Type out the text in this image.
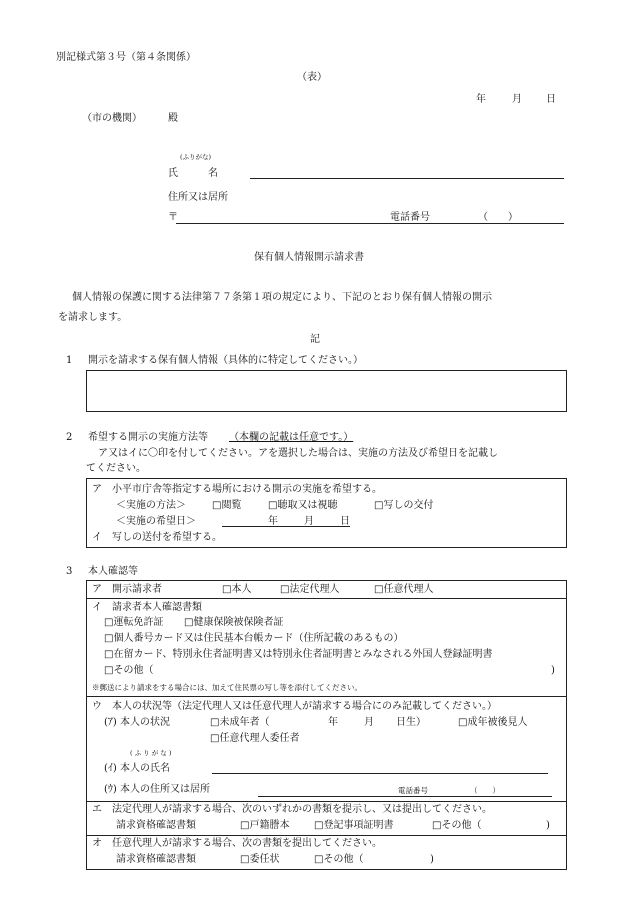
別記様式第３号（第４条関係）
（表）
年	月 日
（市の機関）	殿
(ふりがな)
氏　　　名
住所又は居所
〒	電話番号	（　　）
保有個人情報開示請求書
個人情報の保護に関する法律第７７条第１項の規定により、下記のとおり保有個人情報の開示
を請求します。
記
1 開示を請求する保有個人情報（具体的に特定してください。）
2 希望する開示の実施方法等 （本欄の記載は任意です。）
ア又はイに〇印を付してください。アを選択した場合は、実施の方法及び希望日を記載し
てください。
ア　小平市庁舎等指定する場所における開示の実施を希望する。
＜実施の方法＞	□閲覧	□聴取又は視聴	□写しの交付
＜実施の希望日＞	年	月	日
イ　写しの送付を希望する。
3 本人確認等
ア　開示請求者	□本人	□法定代理人	□任意代理人
イ　請求者本人確認書類
□運転免許証 □健康保険被保険者証
□個人番号カード又は住民基本台帳カード（住所記載のあるもの）
□在留カード、特別永住者証明書又は特別永住者証明書とみなされる外国人登録証明書
□その他（	)
※郵送により請求をする場合には、加えて住民票の写し等を添付してください。
ウ　本人の状況等（法定代理人又は任意代理人が請求する場合にのみ記載してください。）
(ｱ) 本人の状況	□未成年者（	年	月 日生）	□成年被後見人
□任意代理人委任者
( ふ り が な )
(ｲ) 本人の氏名
(ｳ) 本人の住所又は居所	電話番号	（　　）
エ　法定代理人が請求する場合、次のいずれかの書類を提示し、又は提出してください。
請求資格確認書類	□戸籍謄本 □登記事項証明書	□その他（	)
オ　任意代理人が請求する場合、次の書類を提出してください。
請求資格確認書類	□委任状	□その他（	)
